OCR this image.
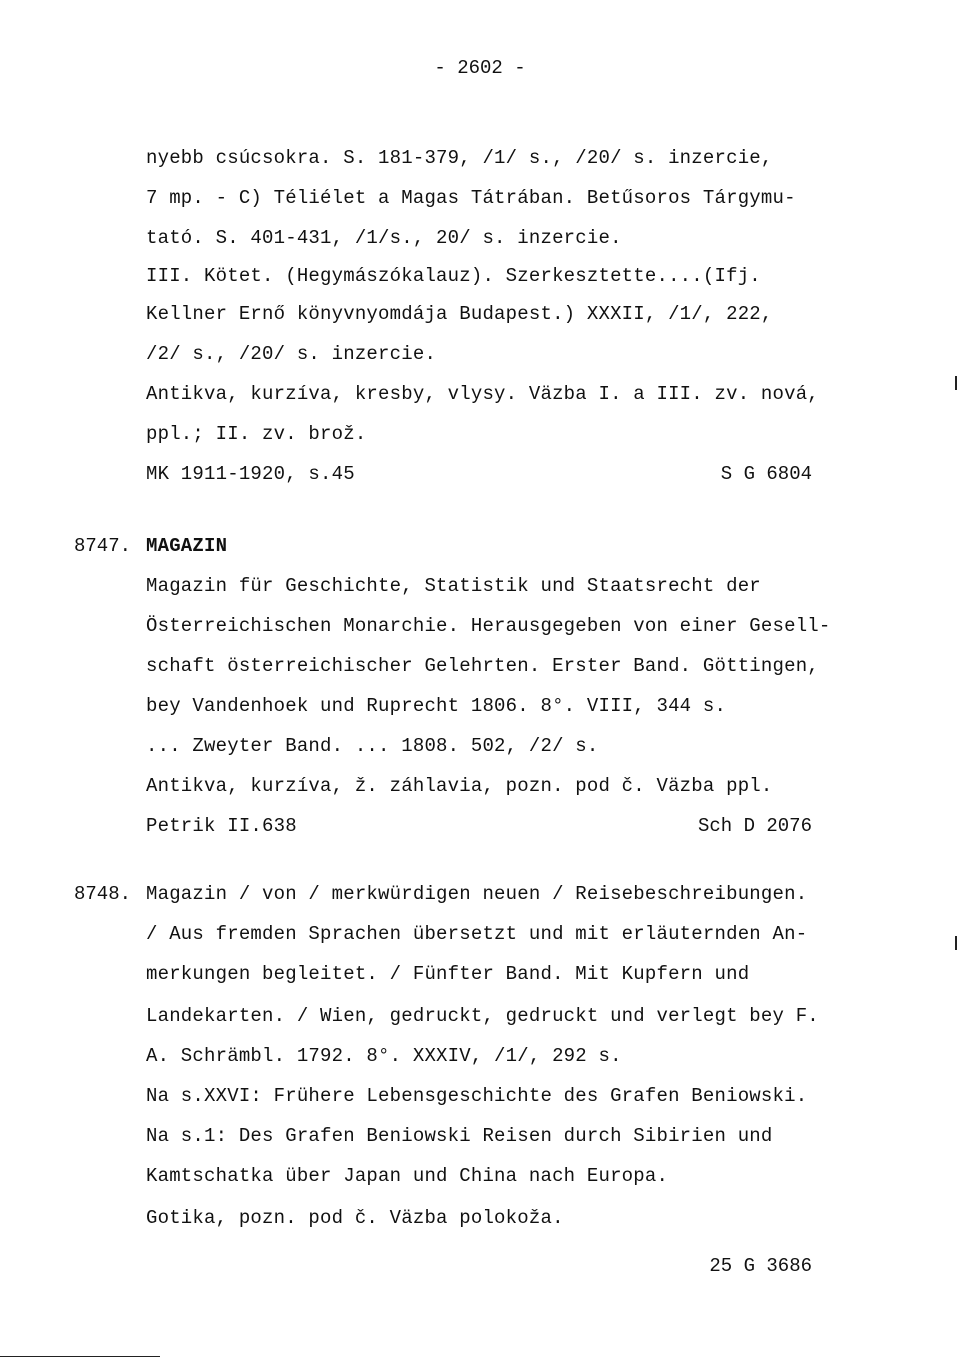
- 2602 -
nyebb csúcsokra. S. 181-379, /1/ s., /20/ s. inzercie,
7 mp. - C) Téliélet a Magas Tátrában. Betűsoros Tárgymu-
tató. S. 401-431, /1/s., 20/ s. inzercie.
III. Kötet. (Hegymászókalauz). Szerkesztette....(Ifj.
Kellner Ernő könyvnyomdája Budapest.) XXXII, /1/, 222,
/2/ s., /20/ s. inzercie.
Antikva, kurzíva, kresby, vlysy. Väzba I. a III. zv. nová,
ppl.; II. zv. brož.
MK 1911-1920, s.45	S G 6804
8747. MAGAZIN
Magazin für Geschichte, Statistik und Staatsrecht der
Österreichischen Monarchie. Herausgegeben von einer Gesell-
schaft österreichischer Gelehrten. Erster Band. Göttingen,
bey Vandenhoek und Ruprecht 1806. 8°. VIII, 344 s.
... Zweyter Band. ... 1808. 502, /2/ s.
Antikva, kurzíva, ž. záhlavia, pozn. pod č. Väzba ppl.
Petrik II.638	Sch D 2076
8748. Magazin / von / merkwürdigen neuen / Reisebeschreibungen.
/ Aus fremden Sprachen übersetzt und mit erläuternden An-
merkungen begleitet. / Fünfter Band. Mit Kupfern und
Landekarten. / Wien, gedruckt, gedruckt und verlegt bey F.
A. Schrämbl. 1792. 8°. XXXIV, /1/, 292 s.
Na s.XXVI: Frühere Lebensgeschichte des Grafen Beniowski.
Na s.1: Des Grafen Beniowski Reisen durch Sibirien und
Kamtschatka über Japan und China nach Europa.
Gotika, pozn. pod č. Väzba polokoža.
25 G 3686
